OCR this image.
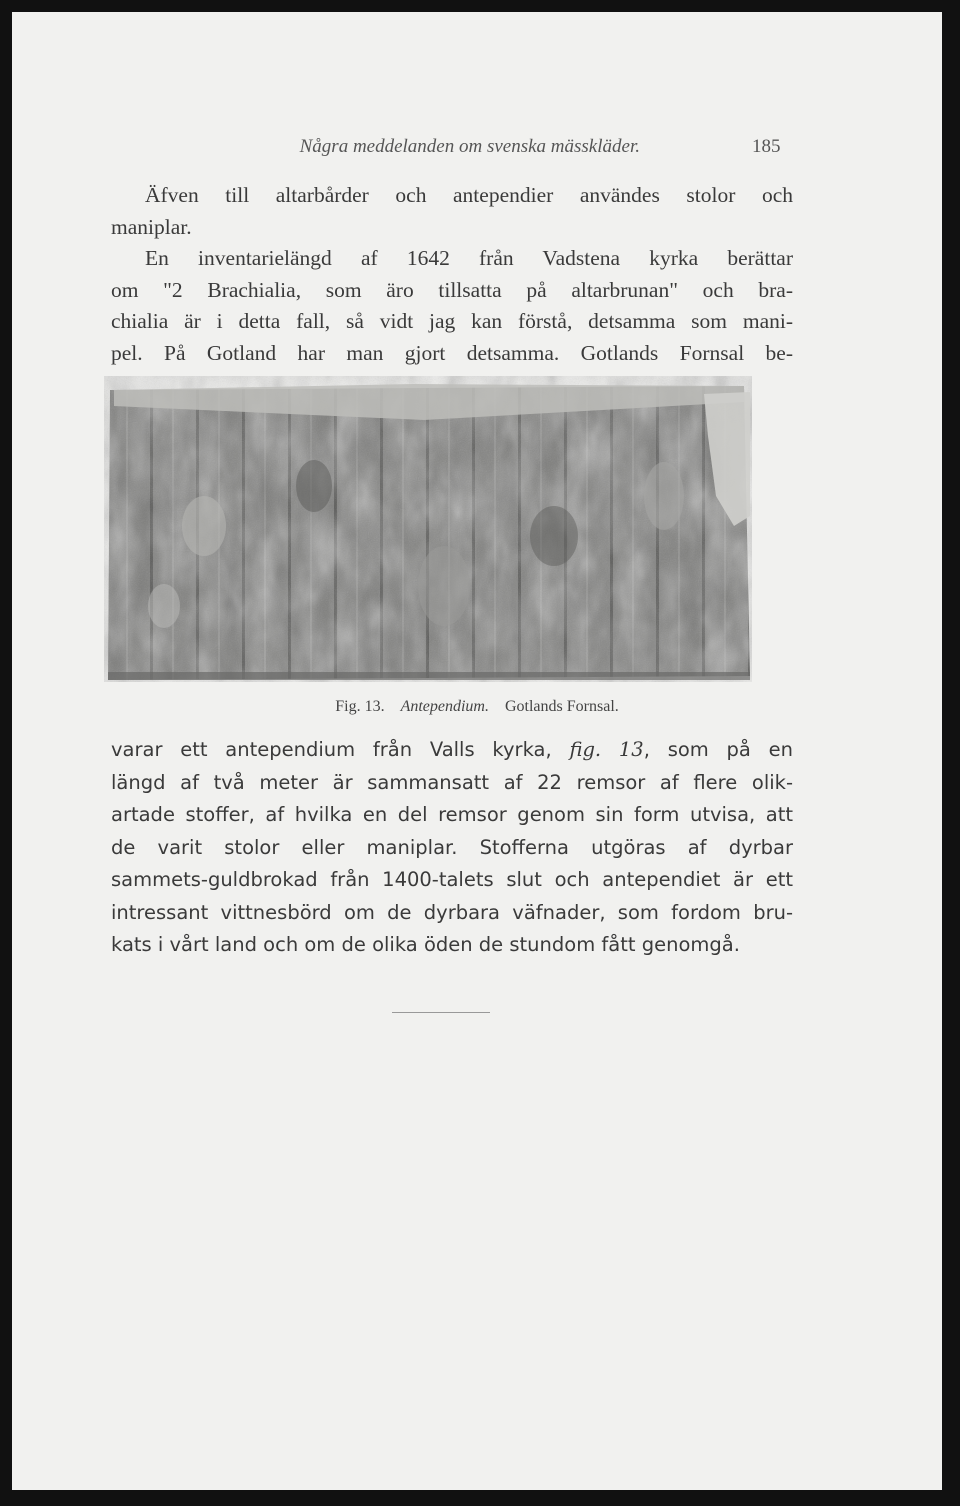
Några meddelanden om svenska mässkläder.	185

Äfven till altarbårder och antependier användes stolor och
maniplar.

En inventarielängd af 1642 från Vadstena kyrka berättar
om "2 Brachialia, som äro tillsatta på altarbrunan" och bra-
chialia är i detta fall, så vidt jag kan förstå, detsamma som mani-
pel. På Gotland har man gjort detsamma. Gotlands Fornsal be-

Fig. 13. Antependium. Gotlands Fornsal.

varar ett antependium från Valls kyrka, fig. 13, som på en
längd af två meter är sammansatt af 22 remsor af flere olik-
artade stoffer, af hvilka en del remsor genom sin form utvisa, att
de varit stolor eller maniplar. Stofferna utgöras af dyrbar
sammets-guldbrokad från 1400-talets slut och antependiet är ett
intressant vittnesbörd om de dyrbara väfnader, som fordom bru-
kats i vårt land och om de olika öden de stundom fått genomgå.
